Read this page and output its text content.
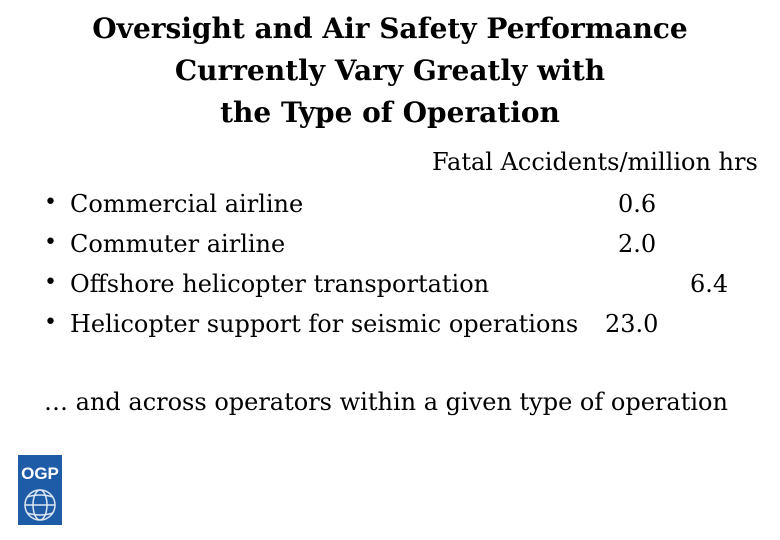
Oversight and Air Safety Performance
Currently Vary Greatly with
the Type of Operation
Fatal Accidents/million hrs
• Commercial airline	0.6
• Commuter airline	2.0
• Offshore helicopter transportation	6.4
• Helicopter support for seismic operations 23.0
… and across operators within a given type of operation
OGP
